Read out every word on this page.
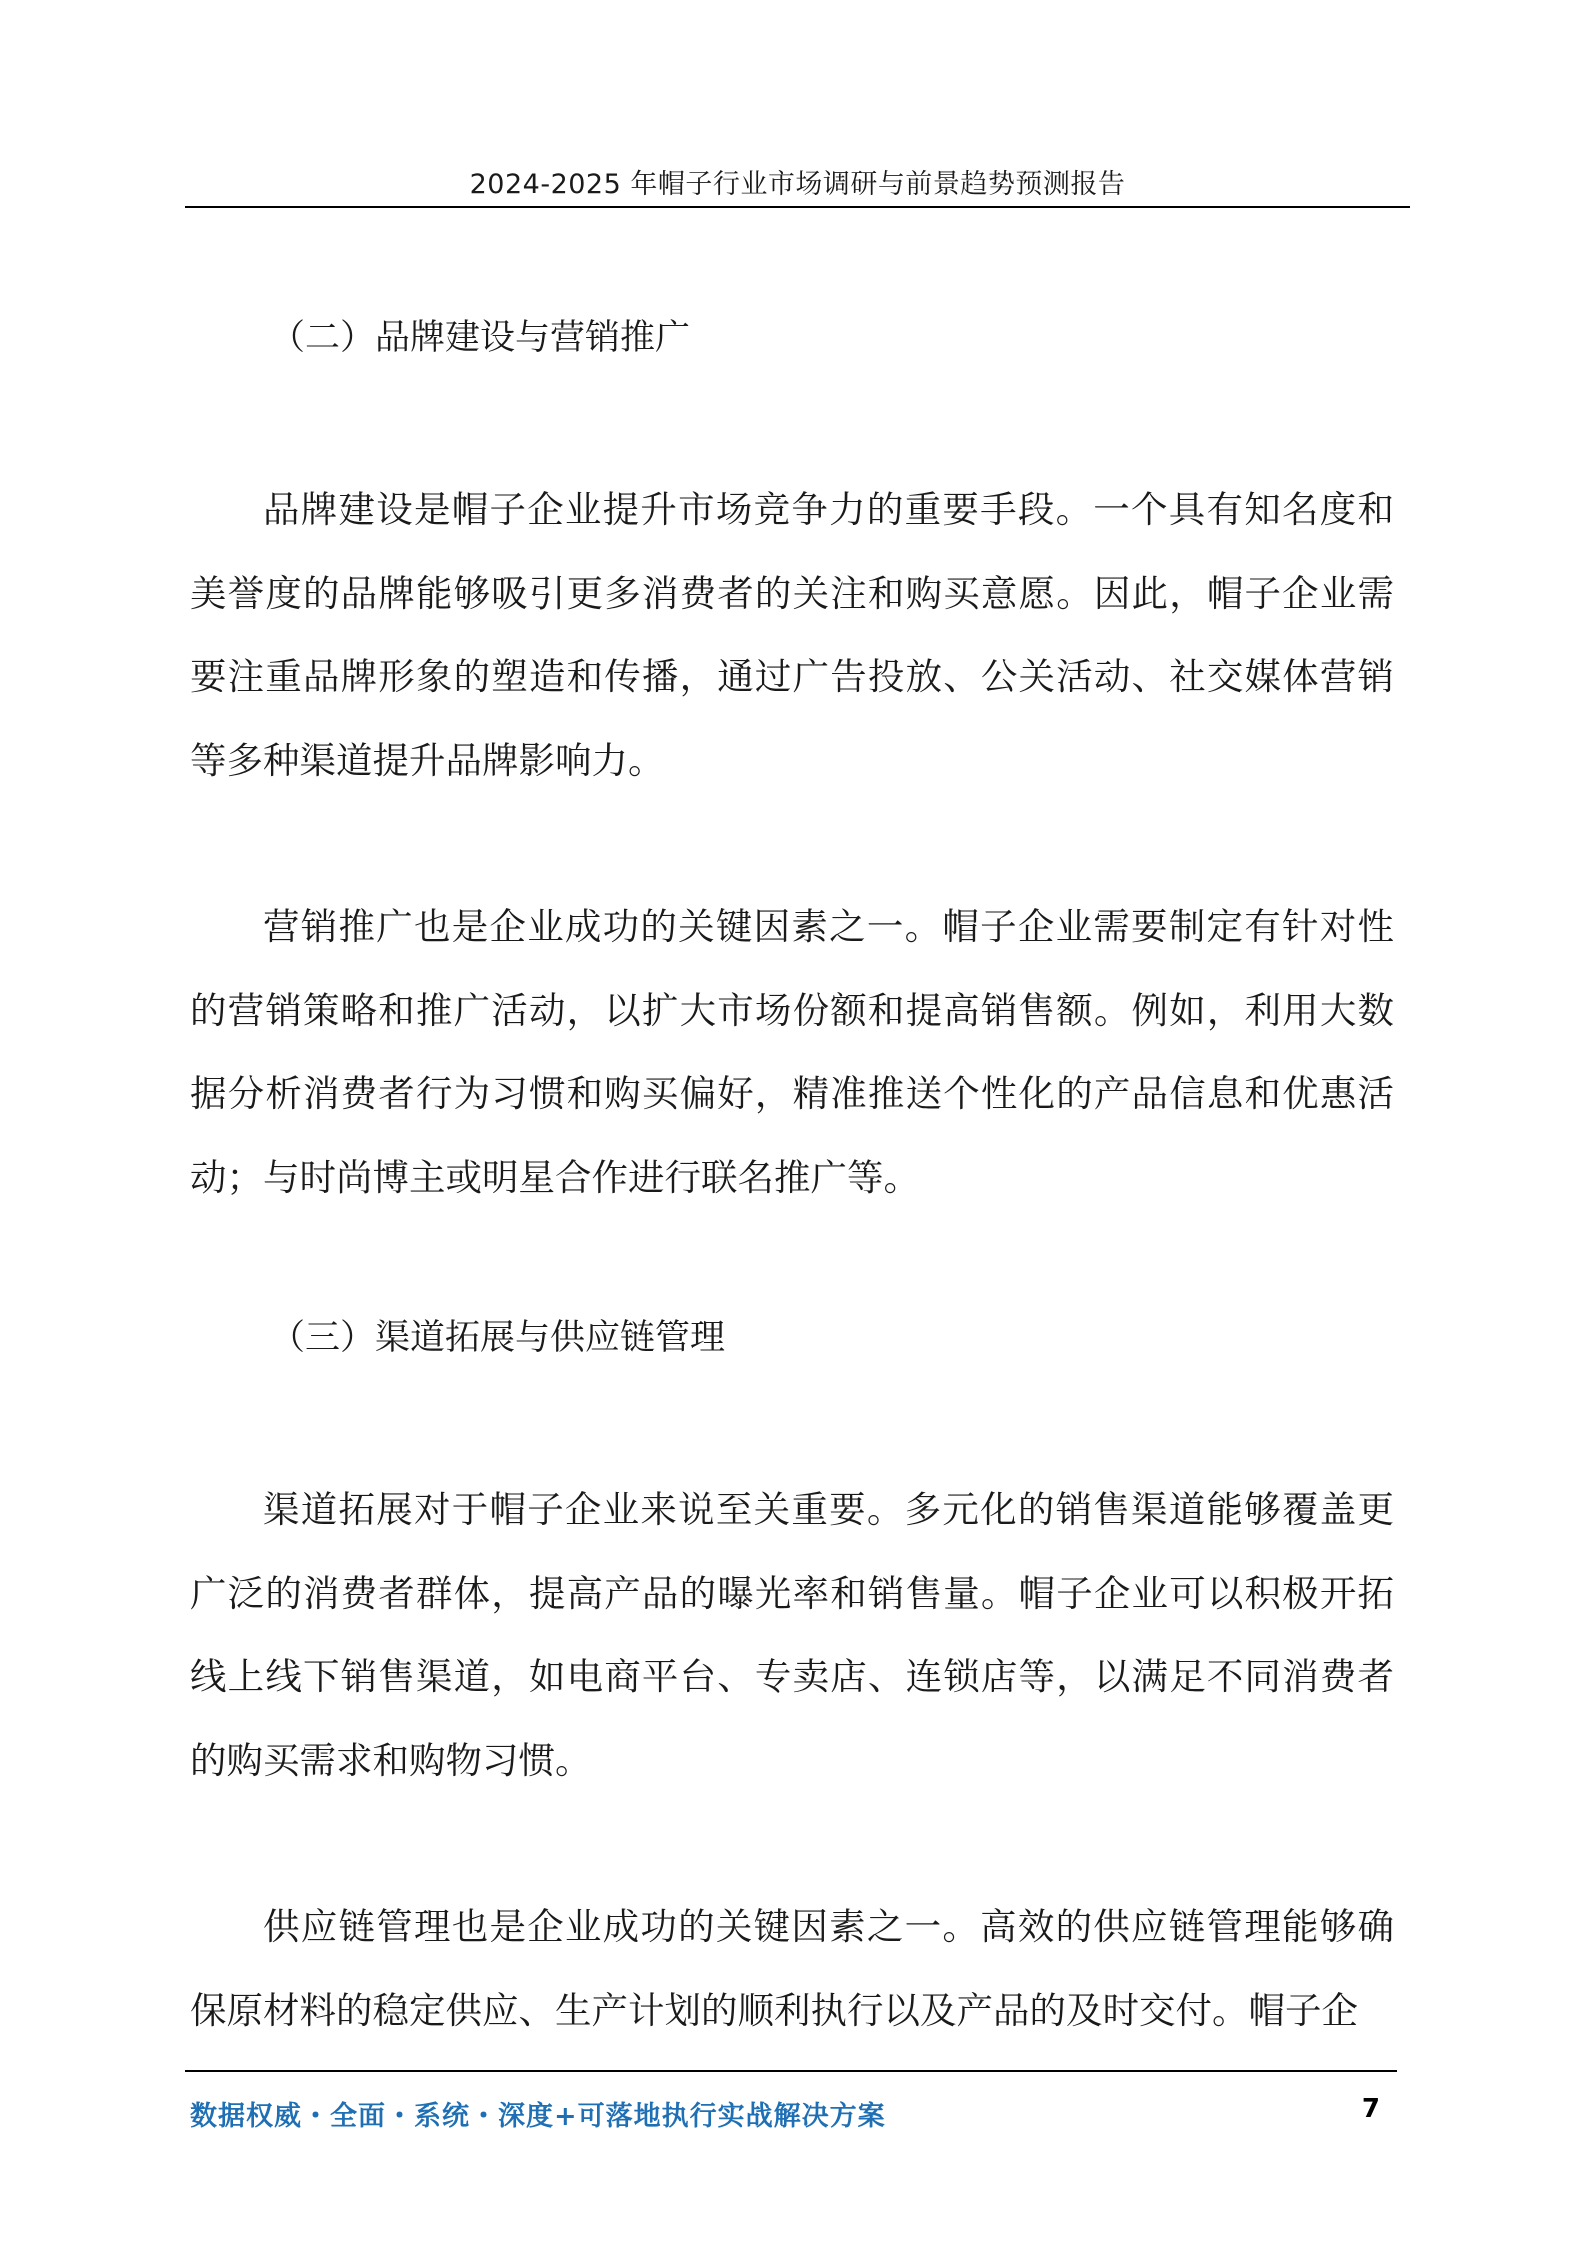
2024-2025 年帽子行业市场调研与前景趋势预测报告
（二）品牌建设与营销推广

品牌建设是帽子企业提升市场竞争力的重要手段。一个具有知名度和美誉度的品牌能够吸引更多消费者的关注和购买意愿。因此，帽子企业需要注重品牌形象的塑造和传播，通过广告投放、公关活动、社交媒体营销等多种渠道提升品牌影响力。

营销推广也是企业成功的关键因素之一。帽子企业需要制定有针对性的营销策略和推广活动，以扩大市场份额和提高销售额。例如，利用大数据分析消费者行为习惯和购买偏好，精准推送个性化的产品信息和优惠活动；与时尚博主或明星合作进行联名推广等。

（三）渠道拓展与供应链管理

渠道拓展对于帽子企业来说至关重要。多元化的销售渠道能够覆盖更广泛的消费者群体，提高产品的曝光率和销售量。帽子企业可以积极开拓线上线下销售渠道，如电商平台、专卖店、连锁店等，以满足不同消费者的购买需求和购物习惯。

供应链管理也是企业成功的关键因素之一。高效的供应链管理能够确保原材料的稳定供应、生产计划的顺利执行以及产品的及时交付。帽子企

数据权威・全面・系统・深度+可落地执行实战解决方案	7
